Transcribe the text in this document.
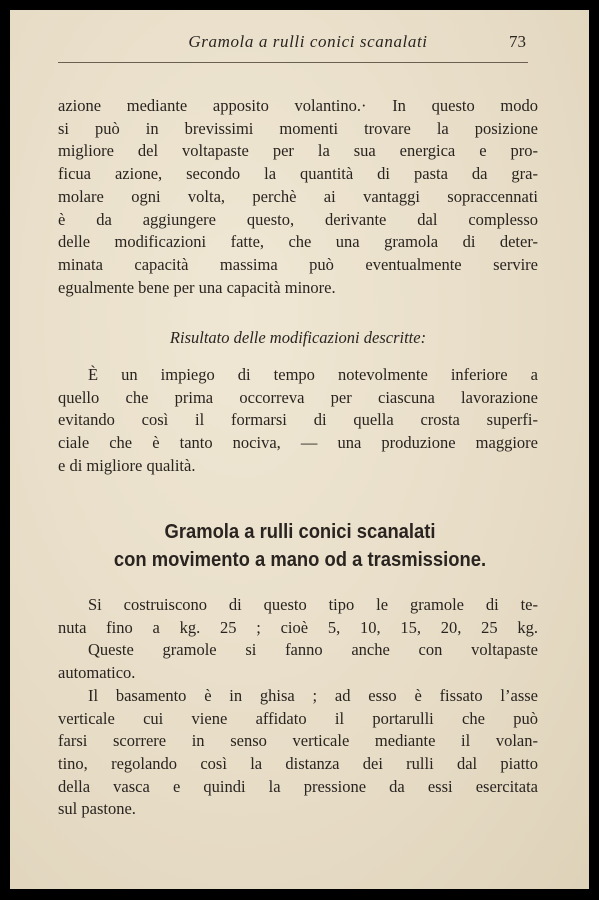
Gramola a rulli conici scanalati	73
azione mediante apposito volantino.· In questo modo
si può in brevissimi momenti trovare la posizione
migliore del voltapaste per la sua energica e pro-
ficua azione, secondo la quantità di pasta da gra-
molare ogni volta, perchè ai vantaggi sopraccennati
è da aggiungere questo, derivante dal complesso
delle modificazioni fatte, che una gramola di deter-
minata capacità massima può eventualmente servire
egualmente bene per una capacità minore.
Risultato delle modificazioni descritte:
È un impiego di tempo notevolmente inferiore a
quello che prima occorreva per ciascuna lavorazione
evitando così il formarsi di quella crosta superfi-
ciale che è tanto nociva, — una produzione maggiore
e di migliore qualità.
Gramola a rulli conici scanalati
con movimento a mano od a trasmissione.
Si costruiscono di questo tipo le gramole di te-
nuta fino a kg. 25 ; cioè 5, 10, 15, 20, 25 kg.
Queste gramole si fanno anche con voltapaste
automatico.
Il basamento è in ghisa ; ad esso è fissato l’asse
verticale cui viene affidato il portarulli che può
farsi scorrere in senso verticale mediante il volan-
tino, regolando così la distanza dei rulli dal piatto
della vasca e quindi la pressione da essi esercitata
sul pastone.
